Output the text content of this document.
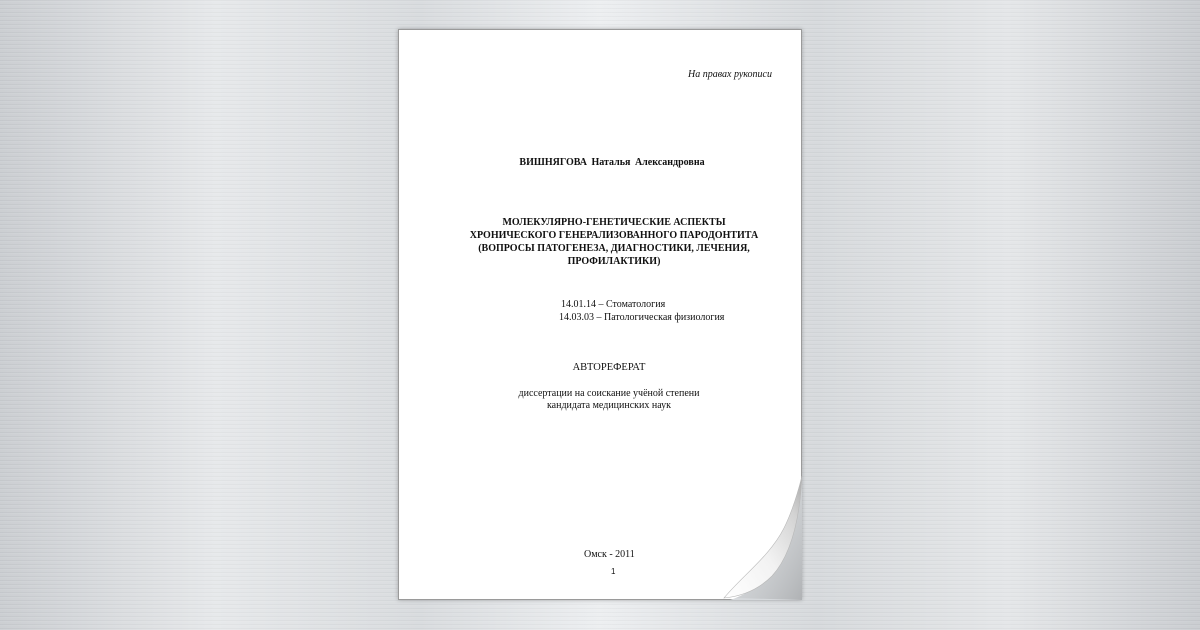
На правах рукописи
ВИШНЯГОВА Наталья Александровна
МОЛЕКУЛЯРНО-ГЕНЕТИЧЕСКИЕ АСПЕКТЫ
ХРОНИЧЕСКОГО ГЕНЕРАЛИЗОВАННОГО ПАРОДОНТИТА
(ВОПРОСЫ ПАТОГЕНЕЗА, ДИАГНОСТИКИ, ЛЕЧЕНИЯ,
ПРОФИЛАКТИКИ)
14.01.14 – Стоматология
14.03.03 – Патологическая физиология
АВТОРЕФЕРАТ
диссертации на соискание учёной степени
кандидата медицинских наук
Омск - 2011
1
